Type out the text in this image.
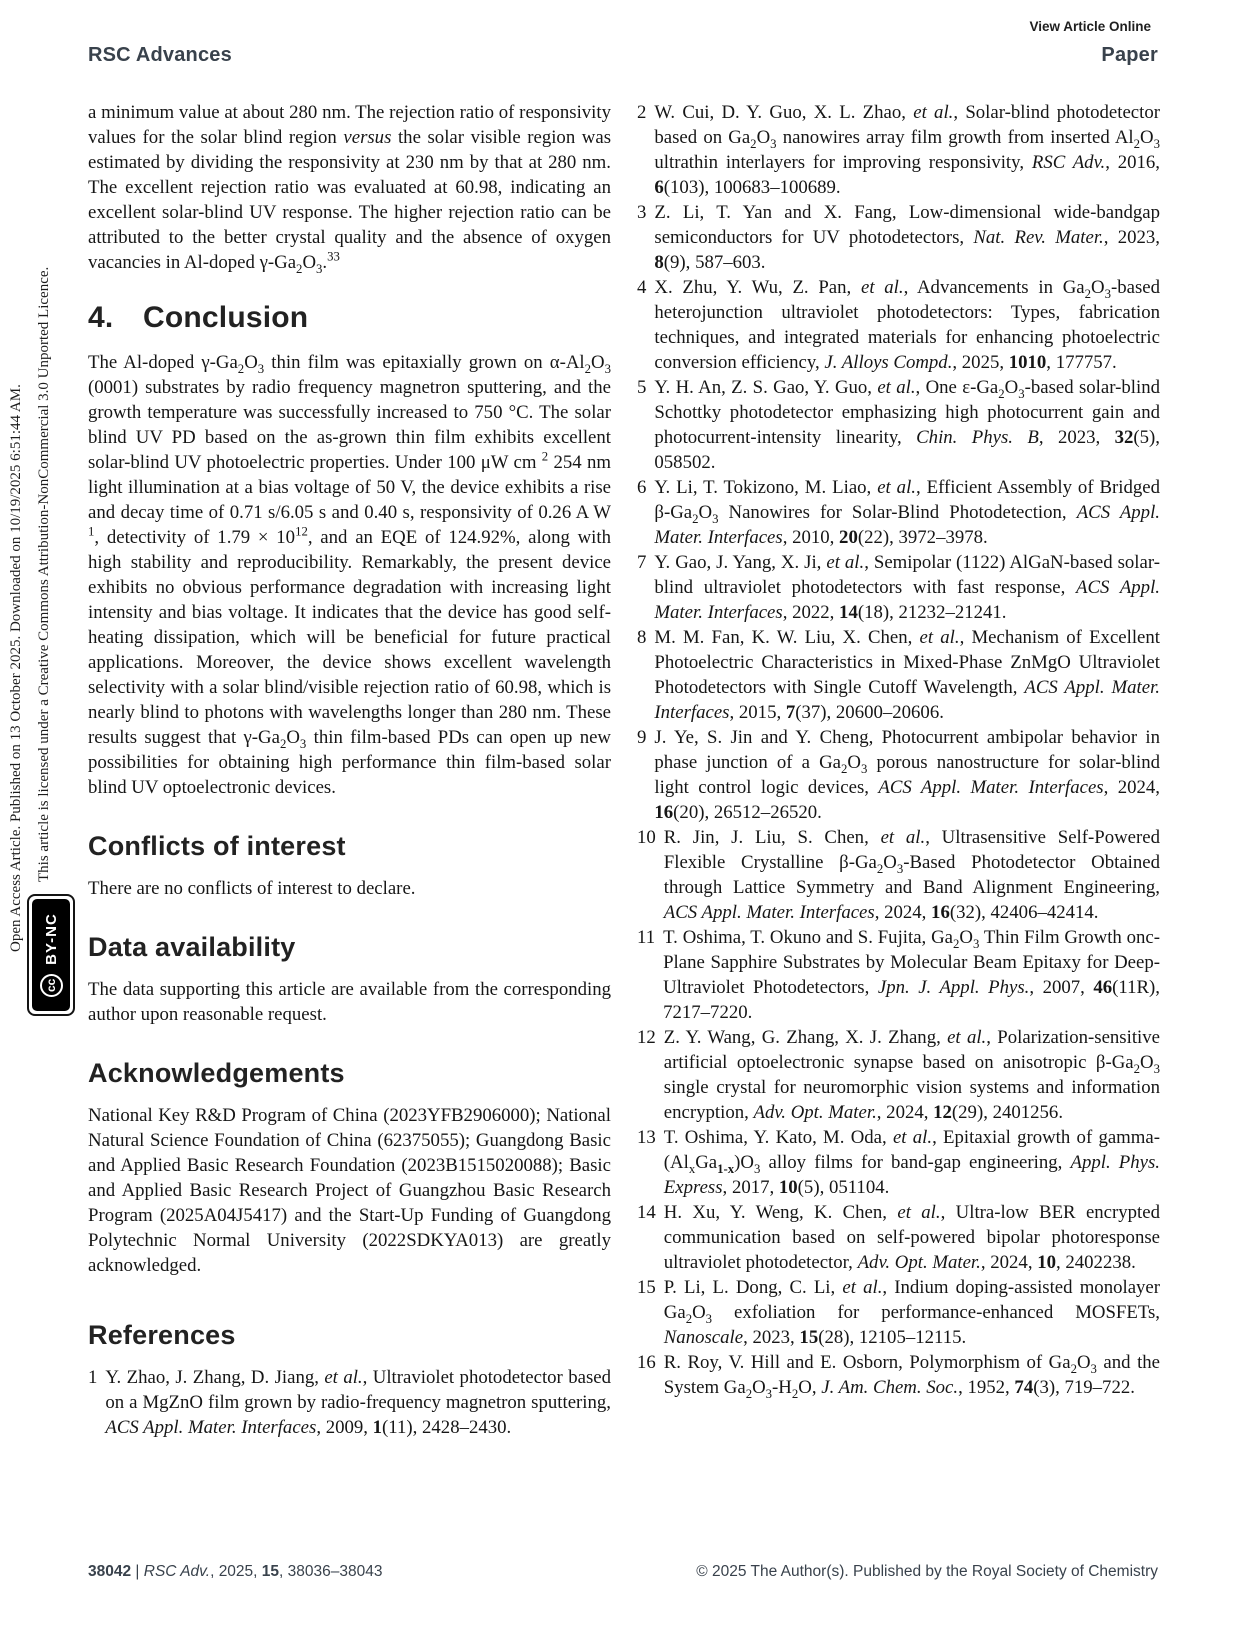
Open Access Article. Published on 13 October 2025. Downloaded on 10/19/2025 6:51:44 AM. This article is licensed under a Creative Commons Attribution-NonCommercial 3.0 Unported Licence.
cc
BY-NC
View Article Online
RSC Advances	Paper

a minimum value at about 280 nm. The rejection ratio of responsivity values for the solar blind region versus the solar visible region was estimated by dividing the responsivity at 230 nm by that at 280 nm. The excellent rejection ratio was evaluated at 60.98, indicating an excellent solar-blind UV response. The higher rejection ratio can be attributed to the better crystal quality and the absence of oxygen vacancies in Al-doped $\gamma-Ga_2O_3.^{33}$

4. Conclusion

The Al-doped $\gamma-Ga_2O_3$ thin film was epitaxially grown on $\alpha-Al_2O_3$ (0001) substrates by radio frequency magnetron sputtering, and the growth temperature was successfully increased to 750 °C. The solar blind UV PD based on the as-grown thin film exhibits excellent solar-blind UV photoelectric properties. Under 100 μW cm $^2$ 254 nm light illumination at a bias voltage of 50 V, the device exhibits a rise and decay time of 0.71 s/6.05 s and 0.40 s, responsivity of 0.26 A W $^1$, detectivity of $1.79 \times 10^{12}$, and an EQE of 124.92%, along with high stability and reproducibility. Remarkably, the present device exhibits no obvious performance degradation with increasing light intensity and bias voltage. It indicates that the device has good self-heating dissipation, which will be beneficial for future practical applications. Moreover, the device shows excellent wavelength selectivity with a solar blind/visible rejection ratio of 60.98, which is nearly blind to photons with wavelengths longer than 280 nm. These results suggest that $\gamma-Ga_2O_3$ thin film-based PDs can open up new possibilities for obtaining high performance thin film-based solar blind UV optoelectronic devices.

Conflicts of interest

There are no conflicts of interest to declare.

Data availability

The data supporting this article are available from the corresponding author upon reasonable request.

Acknowledgements

National Key R&D Program of China (2023YFB2906000); National Natural Science Foundation of China (62375055); Guangdong Basic and Applied Basic Research Foundation (2023B1515020088); Basic and Applied Basic Research Project of Guangzhou Basic Research Program (2025A04J5417) and the Start-Up Funding of Guangdong Polytechnic Normal University (2022SDKYA013) are greatly acknowledged.

References
1 Y. Zhao, J. Zhang, D. Jiang, et al., Ultraviolet photodetector based on a MgZnO film grown by radio-frequency magnetron sputtering, ACS Appl. Mater. Interfaces, 2009, 1(11), 2428–2430.
2 W. Cui, D. Y. Guo, X. L. Zhao, et al., Solar-blind photodetector based on $Ga_2O_3$ nanowires array film growth from inserted $Al_2O_3$ ultrathin interlayers for improving responsivity, RSC Adv., 2016, 6(103), 100683–100689.
3 Z. Li, T. Yan and X. Fang, Low-dimensional wide-bandgap semiconductors for UV photodetectors, Nat. Rev. Mater., 2023, 8(9), 587–603.
4 X. Zhu, Y. Wu, Z. Pan, et al., Advancements in $Ga_2O_3$-based heterojunction ultraviolet photodetectors: Types, fabrication techniques, and integrated materials for enhancing photoelectric conversion efficiency, J. Alloys Compd., 2025, 1010, 177757.
5 Y. H. An, Z. S. Gao, Y. Guo, et al., One $\varepsilon-Ga_2O_3$-based solar-blind Schottky photodetector emphasizing high photocurrent gain and photocurrent-intensity linearity, Chin. Phys. B, 2023, 32(5), 058502.
6 Y. Li, T. Tokizono, M. Liao, et al., Efficient Assembly of Bridged $\beta-Ga_2O_3$ Nanowires for Solar-Blind Photodetection, ACS Appl. Mater. Interfaces, 2010, 20(22), 3972–3978.
7 Y. Gao, J. Yang, X. Ji, et al., Semipolar (1122) AlGaN-based solar-blind ultraviolet photodetectors with fast response, ACS Appl. Mater. Interfaces, 2022, 14(18), 21232–21241.
8 M. M. Fan, K. W. Liu, X. Chen, et al., Mechanism of Excellent Photoelectric Characteristics in Mixed-Phase ZnMgO Ultraviolet Photodetectors with Single Cutoff Wavelength, ACS Appl. Mater. Interfaces, 2015, 7(37), 20600–20606.
9 J. Ye, S. Jin and Y. Cheng, Photocurrent ambipolar behavior in phase junction of a $Ga_2O_3$ porous nanostructure for solar-blind light control logic devices, ACS Appl. Mater. Interfaces, 2024, 16(20), 26512–26520.
10 R. Jin, J. Liu, S. Chen, et al., Ultrasensitive Self-Powered Flexible Crystalline $\beta-Ga_2O_3$-Based Photodetector Obtained through Lattice Symmetry and Band Alignment Engineering, ACS Appl. Mater. Interfaces, 2024, 16(32), 42406–42414.
11 T. Oshima, T. Okuno and S. Fujita, $Ga_2O_3$ Thin Film Growth onc-Plane Sapphire Substrates by Molecular Beam Epitaxy for Deep-Ultraviolet Photodetectors, Jpn. J. Appl. Phys., 2007, 46(11R), 7217–7220.
12 Z. Y. Wang, G. Zhang, X. J. Zhang, et al., Polarization-sensitive artificial optoelectronic synapse based on anisotropic $\beta-Ga_2O_3$ single crystal for neuromorphic vision systems and information encryption, Adv. Opt. Mater., 2024, 12(29), 2401256.
13 T. Oshima, Y. Kato, M. Oda, et al., Epitaxial growth of gamma-$(Al_xGa_{1-x})O_3$ alloy films for band-gap engineering, Appl. Phys. Express, 2017, 10(5), 051104.
14 H. Xu, Y. Weng, K. Chen, et al., Ultra-low BER encrypted communication based on self-powered bipolar photoresponse ultraviolet photodetector, Adv. Opt. Mater., 2024, 10, 2402238.
15 P. Li, L. Dong, C. Li, et al., Indium doping-assisted monolayer $Ga_2O_3$ exfoliation for performance-enhanced MOSFETs, Nanoscale, 2023, 15(28), 12105–12115.
16 R. Roy, V. Hill and E. Osborn, Polymorphism of $Ga_2O_3$ and the System $Ga_2O_3-H_2O$, J. Am. Chem. Soc., 1952, 74(3), 719–722.
38042 | RSC Adv., 2025, 15, 38036–38043	© 2025 The Author(s). Published by the Royal Society of Chemistry
